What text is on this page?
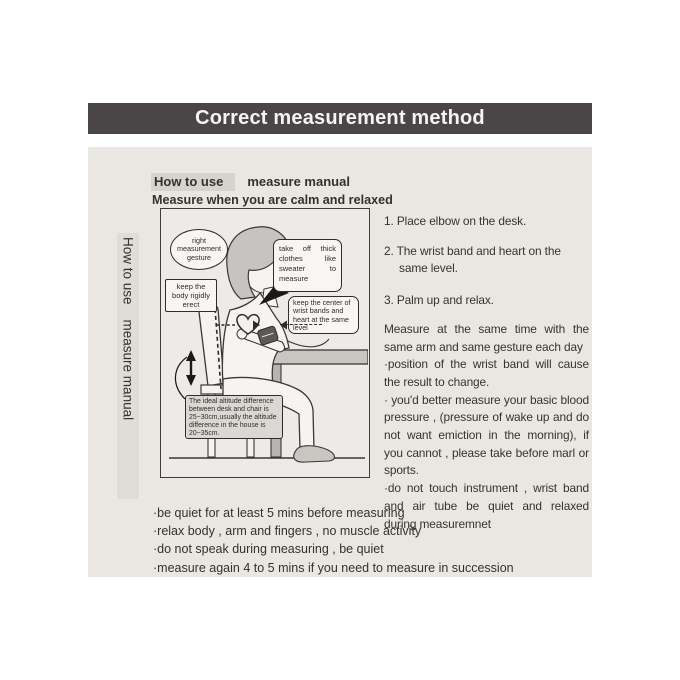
Correct measurement method
How to use    measure manual
How to use measure manual
Measure when you are calm and relaxed
right measurement gesture
keep the body rigidly erect
take off thick clothes like sweater to measure
keep the center of wrist bands and heart at the same level
The ideal altitude difference between desk and chair is 25~30cm,usually the altitude difference in the house is 20~35cm.
1. Place elbow on the desk.
2. The wrist band and heart on the same level.
3. Palm up and relax.

Measure at the same time with the same arm and same gesture each day

·position of the wrist band will cause the result to change.

· you'd better measure your basic blood pressure , (pressure of wake up and do not want emiction in the morning), if you cannot , please take before marl or sports.

·do not touch instrument , wrist band and air tube be quiet and relaxed during measuremnet

·be quiet for at least 5 mins before measuring
·relax body , arm and fingers , no muscle activity
·do not speak during measuring , be quiet
·measure again 4 to 5 mins if you need to measure in succession
